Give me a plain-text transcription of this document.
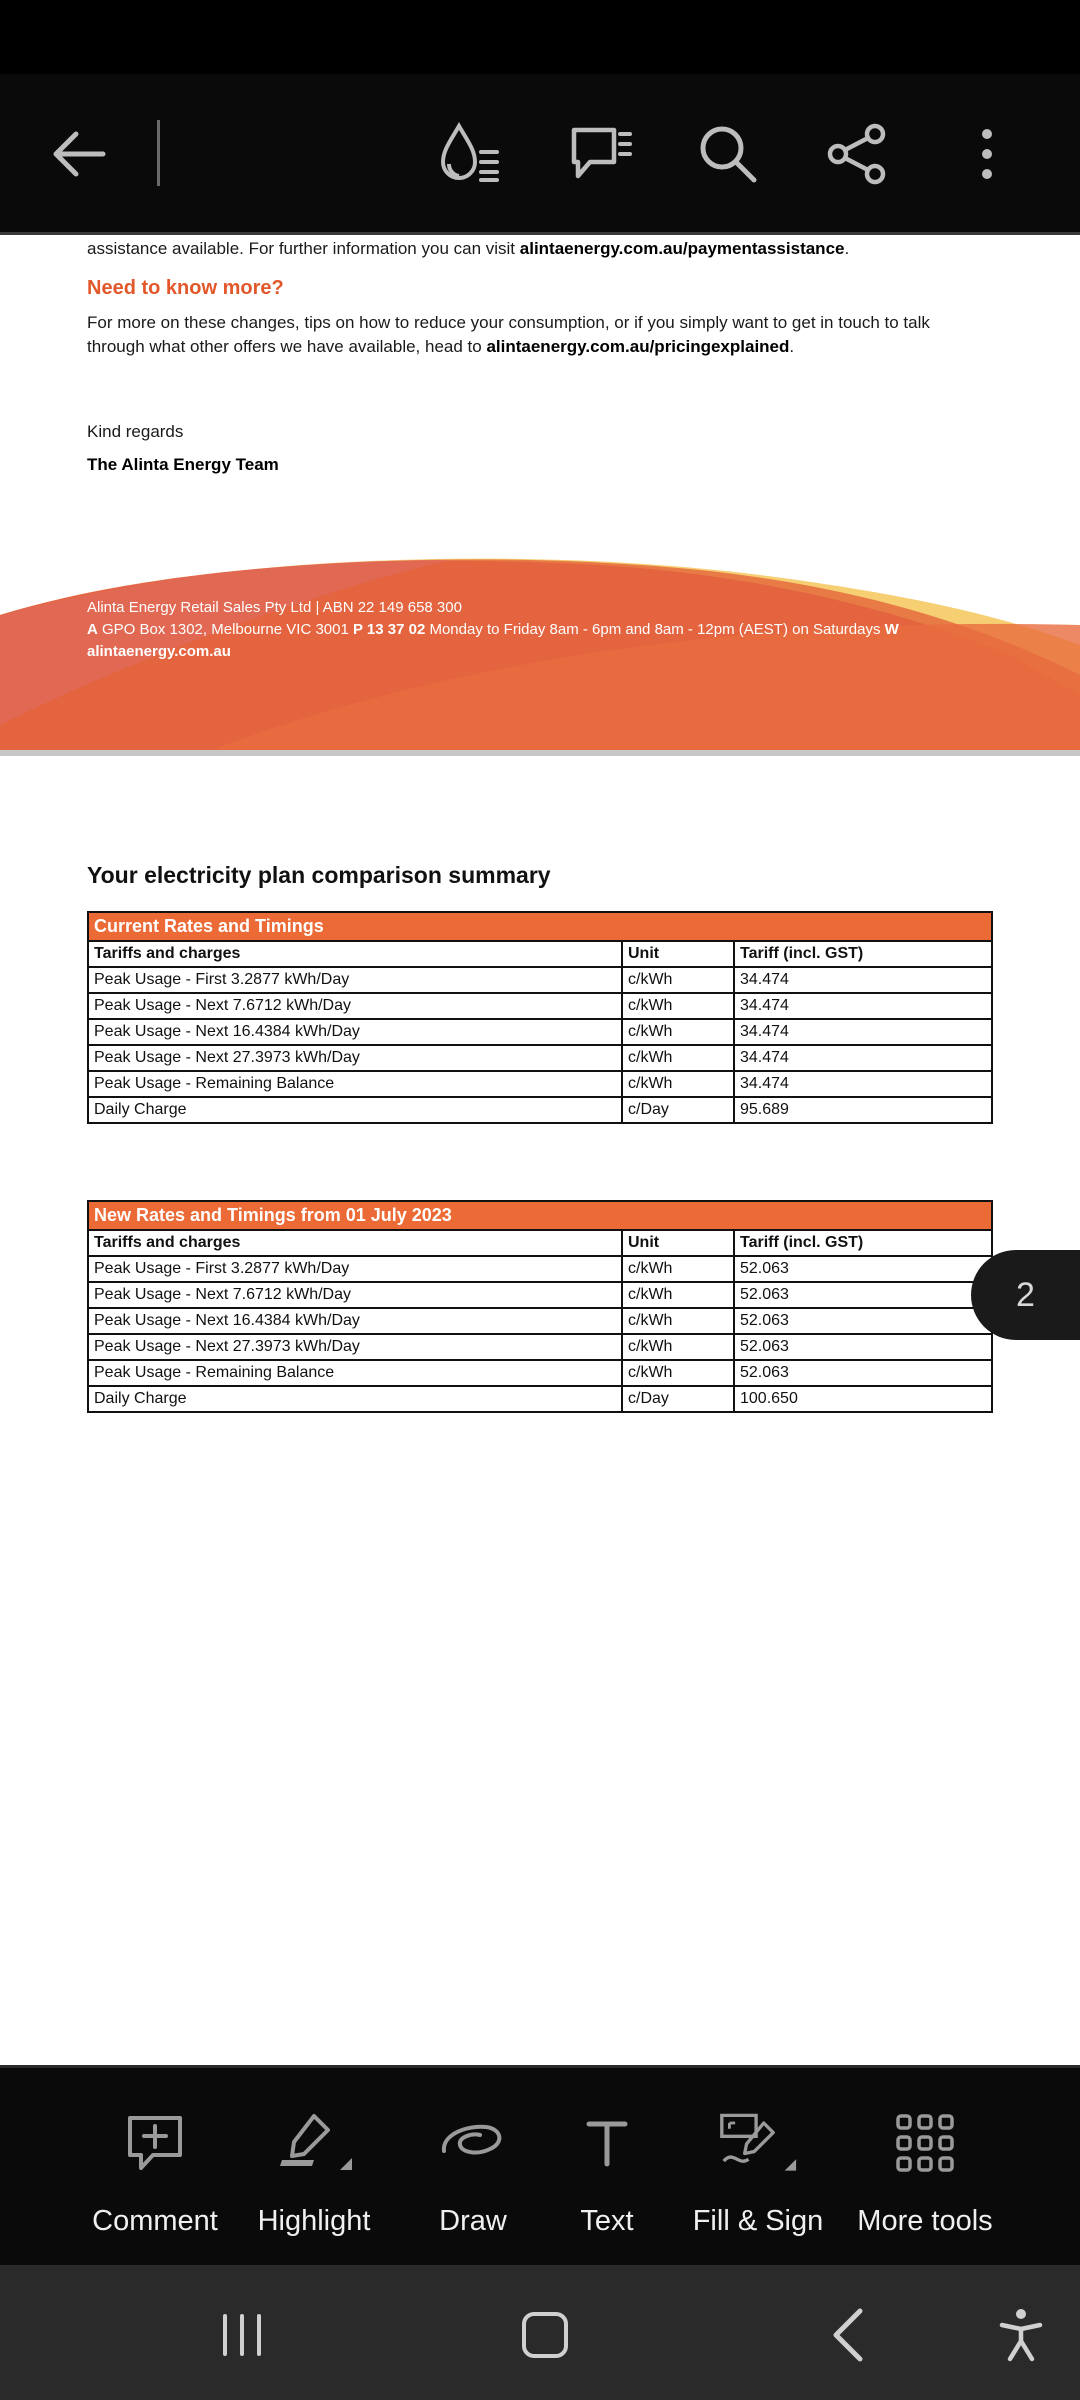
assistance available. For further information you can visit alintaenergy.com.au/paymentassistance.
Need to know more?
For more on these changes, tips on how to reduce your consumption, or if you simply want to get in touch to talk
through what other offers we have available, head to alintaenergy.com.au/pricingexplained.
Kind regards
The Alinta Energy Team
Alinta Energy Retail Sales Pty Ltd | ABN 22 149 658 300
A GPO Box 1302, Melbourne VIC 3001 P 13 37 02 Monday to Friday 8am - 6pm and 8am - 12pm (AEST) on Saturdays W
alintaenergy.com.au
Your electricity plan comparison summary
Current Rates and Timings		
Tariffs and charges	Unit	Tariff (incl. GST)
Peak Usage - First 3.2877 kWh/Day	c/kWh	34.474
Peak Usage - Next 7.6712 kWh/Day	c/kWh	34.474
Peak Usage - Next 16.4384 kWh/Day	c/kWh	34.474
Peak Usage - Next 27.3973 kWh/Day	c/kWh	34.474
Peak Usage - Remaining Balance	c/kWh	34.474
Daily Charge	c/Day	95.689
New Rates and Timings from 01 July 2023		
Tariffs and charges	Unit	Tariff (incl. GST)
Peak Usage - First 3.2877 kWh/Day	c/kWh	52.063
Peak Usage - Next 7.6712 kWh/Day	c/kWh	52.063
Peak Usage - Next 16.4384 kWh/Day	c/kWh	52.063
Peak Usage - Next 27.3973 kWh/Day	c/kWh	52.063
Peak Usage - Remaining Balance	c/kWh	52.063
Daily Charge	c/Day	100.650
2
Comment Highlight Draw	Text Fill & Sign More tools
